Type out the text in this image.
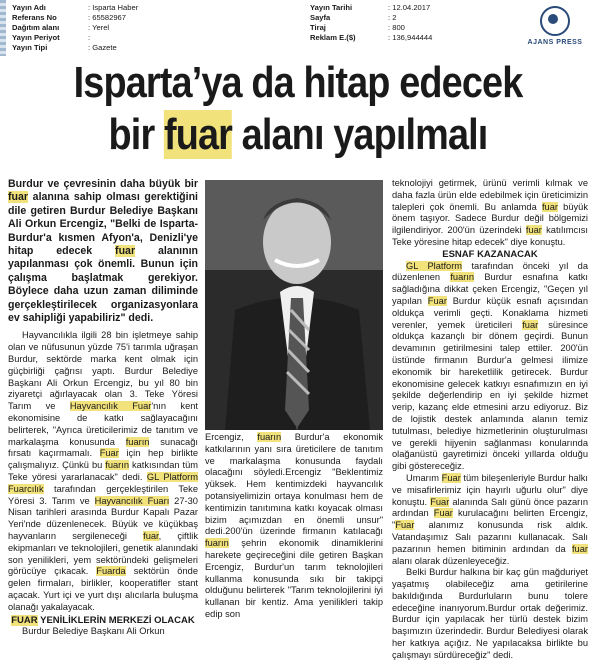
Yayın Adı	: Isparta Haber
Referans No	: 65582967
Dağıtım alanı	: Yerel
Yayın Periyot	:
Yayın Tipi	: Gazete
Yayın Tarihi	: 12.04.2017
Sayfa	: 2
Tiraj	: 800
Reklam E.($)	: 136,944444
AJANS PRESS
Isparta’ya da hitap edecek
bir fuar alanı yapılmalı

Burdur ve çevresinin daha büyük bir fuar alanına sahip olması gerektiğini dile getiren Burdur Belediye Başkanı Ali Orkun Ercengiz, "Belki de Isparta-Burdur'a kısmen Afyon'a, Denizli'ye hitap edecek fuar alanının yapılanması çok önemli. Bunun için çalışma başlatmak gerekiyor. Böylece daha uzun zaman diliminde gerçekleştirilecek organizasyonlara ev sahipliği yapabiliriz" dedi.

Hayvancılıkla ilgili 28 bin işletmeye sahip olan ve nüfusunun yüzde 75'i tarımla uğraşan Burdur, sektörde marka kent olmak için güçbirliği çağrısı yaptı. Burdur Belediye Başkanı Ali Orkun Ercengiz, bu yıl 80 bin ziyaretçi ağırlayacak olan 3. Teke Yöresi Tarım ve Hayvancılık Fuar'nın kent ekonomisine de katkı sağlayacağını belirterek, "Ayrıca üreticilerimiz de tanıtım ve markalaşma konusunda fuarın sunacağı fırsatı kaçırmamalı. Fuar için hep birlikte çalışmalıyız. Çünkü bu fuarın katkısından tüm Teke yöresi yararlanacak" dedi. GL Platform Fuarcılık tarafından gerçekleştirilen Teke Yöresi 3. Tarım ve Hayvancılık Fuarı 27-30 Nisan tarihleri arasında Burdur Kapalı Pazar Yeri'nde düzenlenecek. Büyük ve küçükbaş hayvanların sergileneceği fuar, çiftlik ekipmanları ve teknolojileri, genetik alanındaki son yenilikleri, yem sektöründeki gelişmeleri görücüye çıkacak. Fuarda sektörün önde gelen firmaları, birlikler, kooperatifler stant açacak. Yurt içi ve yurt dışı alıcılarla buluşma olanağı yakalayacak.

FUAR YENİLİKLERİN MERKEZİ OLACAK

Burdur Belediye Başkanı Ali Orkun

Ercengiz, fuarın Burdur'a ekonomik katkılarının yanı sıra üreticilere de tanıtım ve markalaşma konusunda faydalı olacağını söyledi.Ercengiz "Beklentimiz yüksek. Hem kentimizdeki hayvancılık potansiyelimizin ortaya konulması hem de kentimizin tanıtımına katkı koyacak olması bizim açımızdan en önemli unsur" dedi.200'ün üzerinde firmanın katılacağı fuarın şehrin ekonomik dinamiklerini harekete geçireceğini dile getiren Başkan Ercengiz, Burdur'un tarım teknolojileri kullanma konusunda sıkı bir takipçi olduğunu belirterek "Tarım teknolojilerini iyi kullanan bir kentiz. Ama yenilikleri takip edip son

teknolojiyi getirmek, ürünü verimli kılmak ve daha fazla ürün elde edebilmek için üreticimizin talepleri çok önemli. Bu anlamda fuar büyük önem taşıyor. Sadece Burdur değil bölgemizi ilgilendiriyor. 200'ün üzerindeki fuar katılımcısı Teke yöresine hitap edecek" diye konuştu.

ESNAF KAZANACAK

GL Platform tarafından önceki yıl da düzenlenen fuarın Burdur esnafına katkı sağladığına dikkat çeken Ercengiz, "Geçen yıl yapılan Fuar Burdur küçük esnafı açısından oldukça verimli geçti. Konaklama hizmeti verenler, yemek üreticileri fuar süresince oldukça kazançlı bir dönem geçirdi. Bunun devamının getirilmesini talep ettiler. 200'ün üstünde firmanın Burdur'a gelmesi ilimize ekonomik bir hareketlilik getirecek. Burdur ekonomisine gelecek katkıyı esnafımızın en iyi şekilde değerlendirip en iyi şekilde hizmet verip, kazanç elde etmesini arzu ediyoruz. Biz de lojistik destek anlamında alanın temiz tutulması, belediye hizmetlerinin oluşturulması ve gerekli hijyenin sağlanması konularında olağanüstü gayretimizi önceki yıllarda olduğu gibi göstereceğiz.

Umarım Fuar tüm bileşenleriyle Burdur halkı ve misafirlerimiz için hayırlı uğurlu olur" diye konuştu. Fuar alanında Salı günü önce pazarın ardından Fuar kurulacağını belirten Ercengiz, "Fuar alanımız konusunda risk aldık. Vatandaşımız Salı pazarını kullanacak. Salı pazarının hemen bitiminin ardından da fuar alanı olarak düzenleyeceğiz.

Belki Burdur halkına bir kaç gün mağduriyet yaşatmış olabileceğiz ama getirilerine bakıldığında Burdurluların bunu tolere edeceğine inanıyorum.Burdur ortak değerimiz. Burdur için yapılacak her türlü destek bizim başımızın üzerindedir. Burdur Belediyesi olarak her katkıya açığız. Ne yapılacaksa birlikte bu çalışmayı sürdüreceğiz" dedi.
